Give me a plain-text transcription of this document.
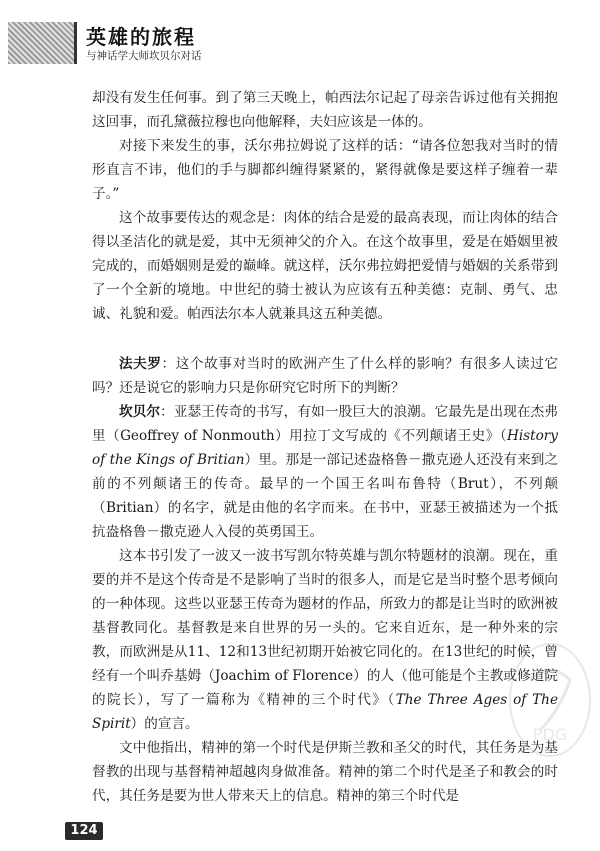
英雄的旅程
与神话学大师坎贝尔对话

却没有发生任何事。到了第三天晚上，帕西法尔记起了母亲告诉过他有关拥抱这回事，而孔黛薇拉穆也向他解释，夫妇应该是一体的。

对接下来发生的事，沃尔弗拉姆说了这样的话：“请各位恕我对当时的情形直言不讳，他们的手与脚都纠缠得紧紧的，紧得就像是要这样子缠着一辈子。”

这个故事要传达的观念是：肉体的结合是爱的最高表现，而让肉体的结合得以圣洁化的就是爱，其中无须神父的介入。在这个故事里，爱是在婚姻里被完成的，而婚姻则是爱的巅峰。就这样，沃尔弗拉姆把爱情与婚姻的关系带到了一个全新的境地。中世纪的骑士被认为应该有五种美德：克制、勇气、忠诚、礼貌和爱。帕西法尔本人就兼具这五种美德。

法夫罗：这个故事对当时的欧洲产生了什么样的影响？有很多人读过它吗？还是说它的影响力只是你研究它时所下的判断？

坎贝尔：亚瑟王传奇的书写，有如一股巨大的浪潮。它最先是出现在杰弗里（Geoffrey of Nonmouth）用拉丁文写成的《不列颠诸王史》（History of the Kings of Britian）里。那是一部记述盎格鲁－撒克逊人还没有来到之前的不列颠诸王的传奇。最早的一个国王名叫布鲁特（Brut），不列颠（Britian）的名字，就是由他的名字而来。在书中，亚瑟王被描述为一个抵抗盎格鲁－撒克逊人入侵的英勇国王。

这本书引发了一波又一波书写凯尔特英雄与凯尔特题材的浪潮。现在，重要的并不是这个传奇是不是影响了当时的很多人，而是它是当时整个思考倾向的一种体现。这些以亚瑟王传奇为题材的作品，所致力的都是让当时的欧洲被基督教同化。基督教是来自世界的另一头的。它来自近东，是一种外来的宗教，而欧洲是从11、12和13世纪初期开始被它同化的。在13世纪的时候，曾经有一个叫乔基姆（Joachim of Florence）的人（他可能是个主教或修道院的院长），写了一篇称为《精神的三个时代》（The Three Ages of The Spirit）的宣言。

文中他指出，精神的第一个时代是伊斯兰教和圣父的时代，其任务是为基督教的出现与基督精神超越肉身做准备。精神的第二个时代是圣子和教会的时代，其任务是要为世人带来天上的信息。精神的第三个时代是

PDG
124
